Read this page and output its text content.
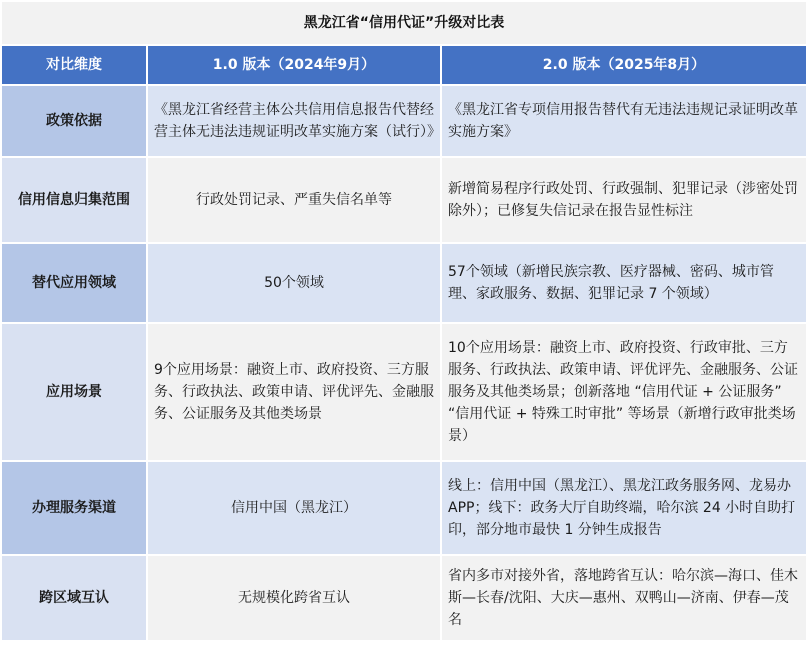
黑龙江省“信用代证”升级对比表		
对比维度	1.0 版本（2024年9月）	2.0 版本（2025年8月）
政策依据	《黑龙江省经营主体公共信用信息报告代替经营主体无违法违规证明改革实施方案（试行）》	《黑龙江省专项信用报告替代有无违法违规记录证明改革实施方案》
信用信息归集范围	行政处罚记录、严重失信名单等	新增简易程序行政处罚、行政强制、犯罪记录（涉密处罚除外）；已修复失信记录在报告显性标注
替代应用领域	50个领域	57个领域（新增民族宗教、医疗器械、密码、城市管理、家政服务、数据、犯罪记录 7 个领域）
应用场景	9个应用场景：融资上市、政府投资、三方服务、行政执法、政策申请、评优评先、金融服务、公证服务及其他类场景	10个应用场景：融资上市、政府投资、行政审批、三方服务、行政执法、政策申请、评优评先、金融服务、公证服务及其他类场景；创新落地 “信用代证 + 公证服务” “信用代证 + 特殊工时审批” 等场景（新增行政审批类场景）
办理服务渠道	信用中国（黑龙江）	线上：信用中国（黑龙江）、黑龙江政务服务网、龙易办 APP；线下：政务大厅自助终端，哈尔滨 24 小时自助打印，部分地市最快 1 分钟生成报告
跨区域互认	无规模化跨省互认	省内多市对接外省，落地跨省互认：哈尔滨—海口、佳木斯—长春/沈阳、大庆—惠州、双鸭山—济南、伊春—茂名
